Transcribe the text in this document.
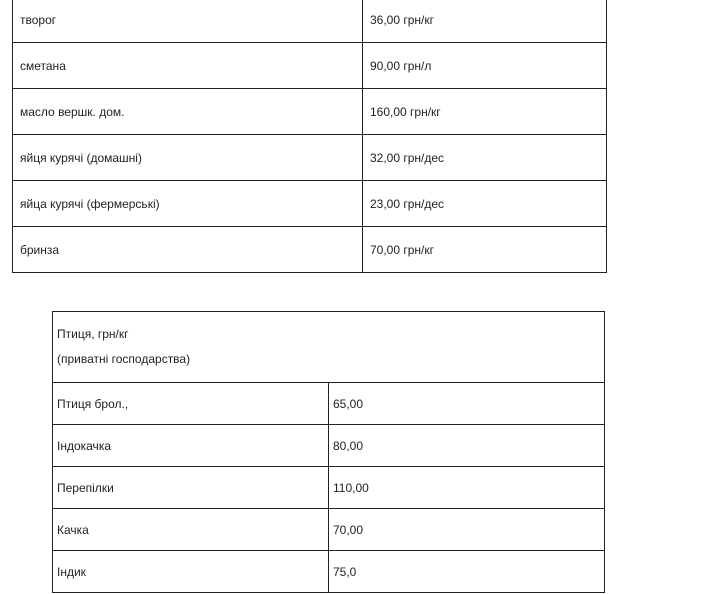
творог	36,00 грн/кг
сметана	90,00 грн/л
масло вершк. дом.	160,00 грн/кг
яйця курячі (домашні)	32,00 грн/дес
яйца курячі (фермерські)	23,00 грн/дес
бринза	70,00 грн/кг
Птиця, грн/кг
(приватні господарства)	

Птиця брол.,	65,00
Індокачка	80,00
Перепілки	110,00
Качка	70,00
Індик	75,0
